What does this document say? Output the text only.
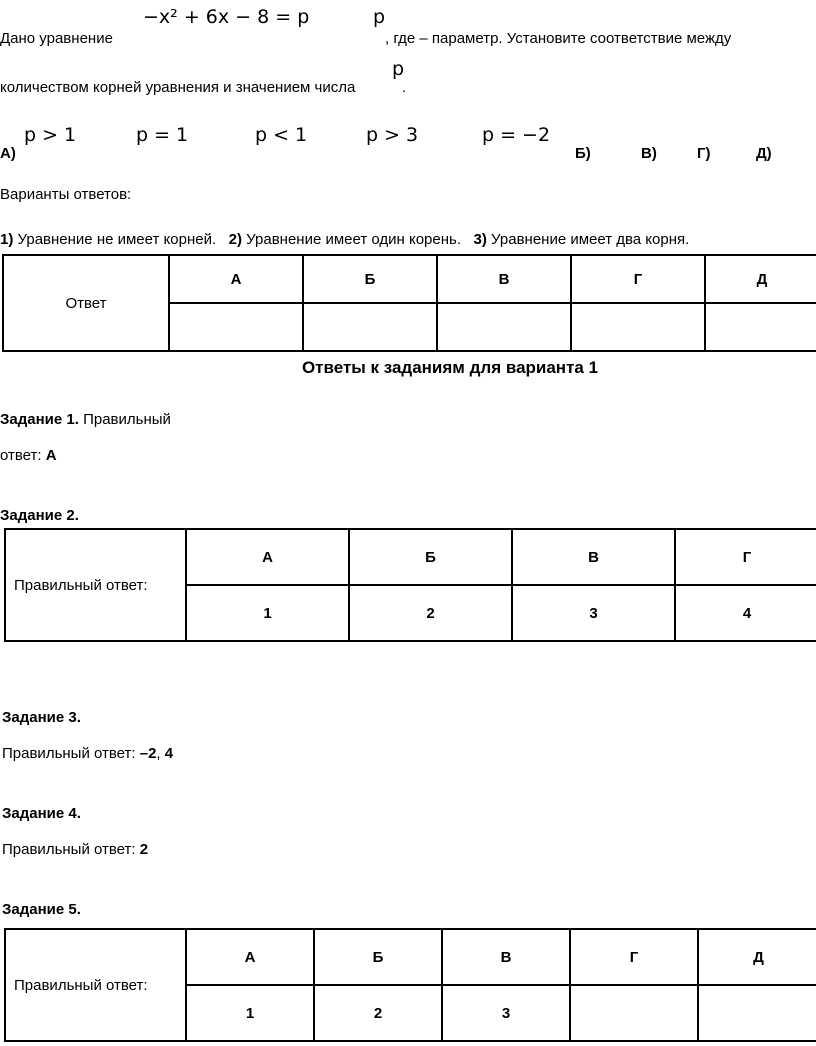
Дано уравнение
−x² + 6x − 8 = p	p
, где – параметр. Установите соответствие между
количеством корней уравнения и значением числа
p
.
А)
p > 1	p = 1	p < 1	p > 3	p = −2
Б)	В)	Г)	Д)
Варианты ответов:
1) Уравнение не имеет корней. 2) Уравнение имеет один корень. 3) Уравнение имеет два корня.
Ответ	А	Б	В	Г	Д

Ответы к заданиям для варианта 1
Задание 1. Правильный
ответ: А
Задание 2.
Правильный ответ:	А	Б	В	Г
	1	2	3	4
Задание 3.
Правильный ответ: –2, 4
Задание 4.
Правильный ответ: 2
Задание 5.
Правильный ответ:	А	Б	В	Г	Д
	1	2	3		
